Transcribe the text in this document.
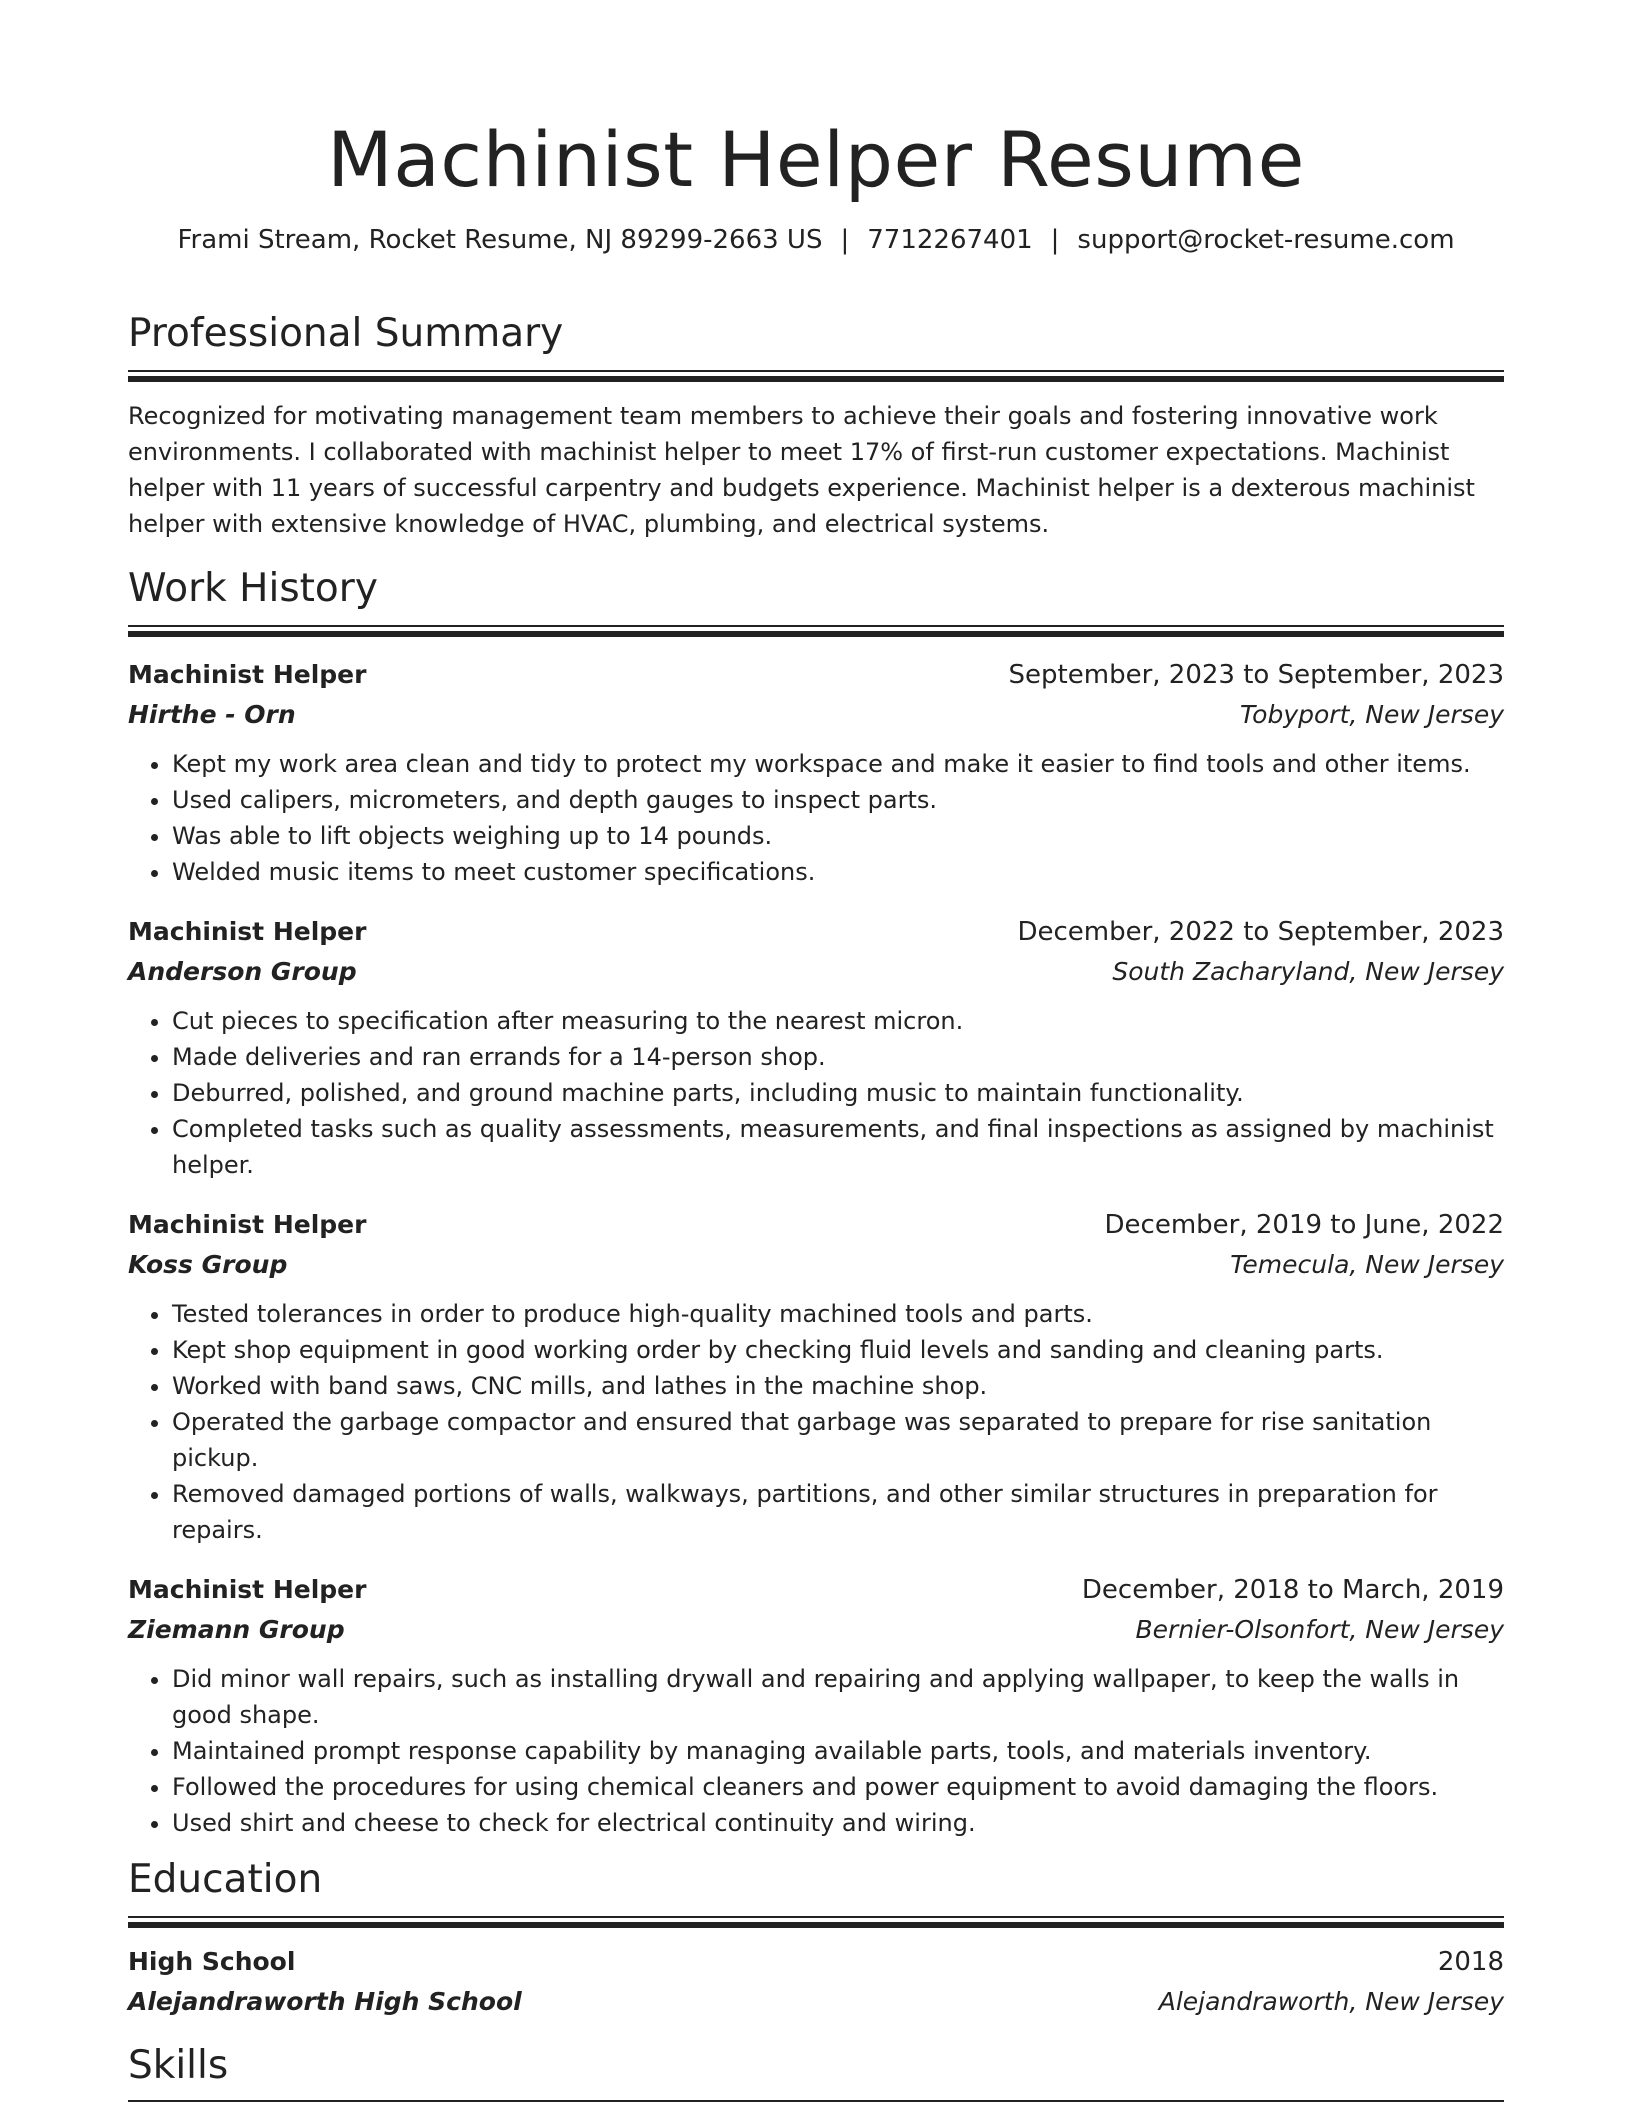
Machinist Helper Resume
Frami Stream, Rocket Resume, NJ 89299-2663 US | 7712267401 | support@rocket-resume.com
Professional Summary

Recognized for motivating management team members to achieve their goals and fostering innovative work environments. I collaborated with machinist helper to meet 17% of first-run customer expectations. Machinist helper with 11 years of successful carpentry and budgets experience. Machinist helper is a dexterous machinist helper with extensive knowledge of HVAC, plumbing, and electrical systems.

Work History
Machinist Helper	September, 2023 to September, 2023
Hirthe - Orn	Tobyport, New Jersey
• Kept my work area clean and tidy to protect my workspace and make it easier to find tools and other items.
• Used calipers, micrometers, and depth gauges to inspect parts.
• Was able to lift objects weighing up to 14 pounds.
• Welded music items to meet customer specifications.
Machinist Helper	December, 2022 to September, 2023
Anderson Group	South Zacharyland, New Jersey
• Cut pieces to specification after measuring to the nearest micron.
• Made deliveries and ran errands for a 14-person shop.
• Deburred, polished, and ground machine parts, including music to maintain functionality.
• Completed tasks such as quality assessments, measurements, and final inspections as assigned by machinist helper.
Machinist Helper	December, 2019 to June, 2022
Koss Group	Temecula, New Jersey
• Tested tolerances in order to produce high-quality machined tools and parts.
• Kept shop equipment in good working order by checking fluid levels and sanding and cleaning parts.
• Worked with band saws, CNC mills, and lathes in the machine shop.
• Operated the garbage compactor and ensured that garbage was separated to prepare for rise sanitation pickup.
• Removed damaged portions of walls, walkways, partitions, and other similar structures in preparation for repairs.
Machinist Helper	December, 2018 to March, 2019
Ziemann Group	Bernier-Olsonfort, New Jersey
• Did minor wall repairs, such as installing drywall and repairing and applying wallpaper, to keep the walls in good shape.
• Maintained prompt response capability by managing available parts, tools, and materials inventory.
• Followed the procedures for using chemical cleaners and power equipment to avoid damaging the floors.
• Used shirt and cheese to check for electrical continuity and wiring.
Education
High School	2018
Alejandraworth High School	Alejandraworth, New Jersey
Skills
